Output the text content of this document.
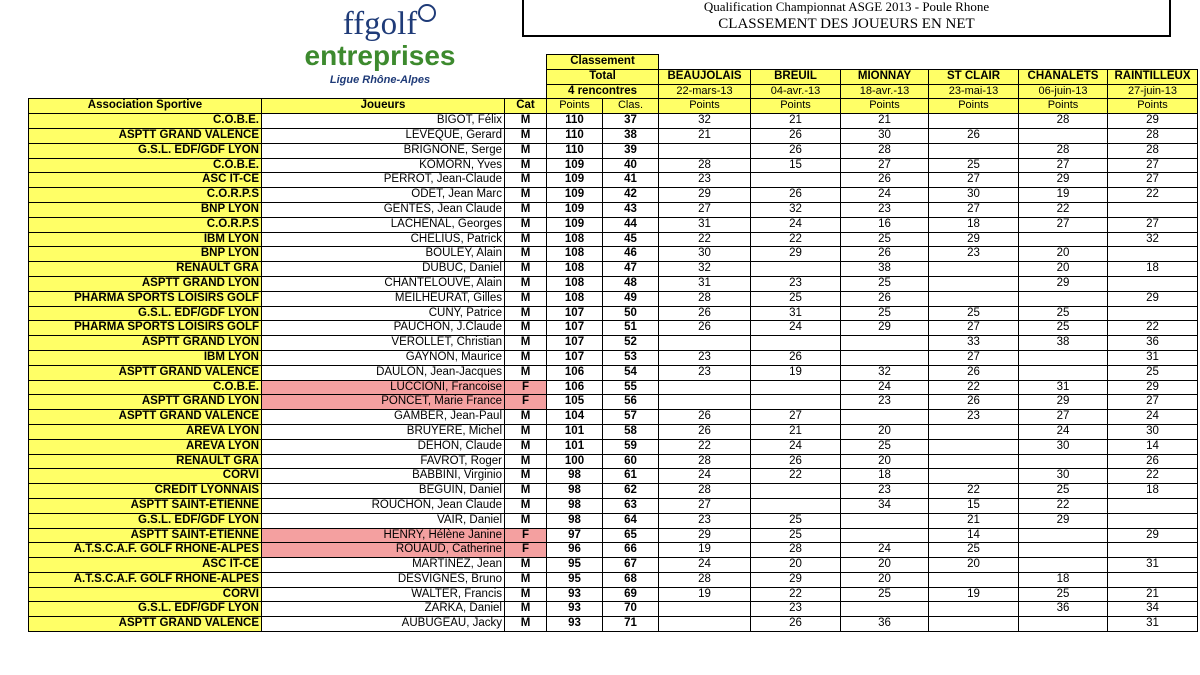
ffgolf
entreprises
Ligue Rhône-Alpes
Qualification Championnat ASGE 2013 - Poule Rhone
CLASSEMENT DES JOUEURS EN NET
			Classement							
			Total		BEAUJOLAIS	BREUIL	MIONNAY	ST CLAIR	CHANALETS	RAINTILLEUX
			4 rencontres		22-mars-13	04-avr.-13	18-avr.-13	23-mai-13	06-juin-13	27-juin-13
Association Sportive	Joueurs	Cat	Points	Clas.	Points	Points	Points	Points	Points	Points
C.O.B.E.	BIGOT, Félix	M	110	37	32	21	21		28	29
ASPTT GRAND VALENCE	LEVEQUE, Gerard	M	110	38	21	26	30	26		28
G.S.L. EDF/GDF LYON	BRIGNONE, Serge	M	110	39		26	28		28	28
C.O.B.E.	KOMORN, Yves	M	109	40	28	15	27	25	27	27
ASC IT-CE	PERROT, Jean-Claude	M	109	41	23		26	27	29	27
C.O.R.P.S	ODET, Jean Marc	M	109	42	29	26	24	30	19	22
BNP LYON	GENTES, Jean Claude	M	109	43	27	32	23	27	22	
C.O.R.P.S	LACHENAL, Georges	M	109	44	31	24	16	18	27	27
IBM LYON	CHELIUS, Patrick	M	108	45	22	22	25	29		32
BNP LYON	BOULEY, Alain	M	108	46	30	29	26	23	20	
RENAULT GRA	DUBUC, Daniel	M	108	47	32		38		20	18
ASPTT GRAND LYON	CHANTELOUVE, Alain	M	108	48	31	23	25		29	
PHARMA SPORTS LOISIRS GOLF	MEILHEURAT, Gilles	M	108	49	28	25	26			29
G.S.L. EDF/GDF LYON	CUNY, Patrice	M	107	50	26	31	25	25	25	
PHARMA SPORTS LOISIRS GOLF	PAUCHON, J.Claude	M	107	51	26	24	29	27	25	22
ASPTT GRAND LYON	VEROLLET, Christian	M	107	52				33	38	36
IBM LYON	GAYNON, Maurice	M	107	53	23	26		27		31
ASPTT GRAND VALENCE	DAULON, Jean-Jacques	M	106	54	23	19	32	26		25
C.O.B.E.	LUCCIONI, Francoise	F	106	55			24	22	31	29
ASPTT GRAND LYON	PONCET, Marie France	F	105	56			23	26	29	27
ASPTT GRAND VALENCE	GAMBER, Jean-Paul	M	104	57	26	27		23	27	24
AREVA LYON	BRUYERE, Michel	M	101	58	26	21	20		24	30
AREVA LYON	DEHON, Claude	M	101	59	22	24	25		30	14
RENAULT GRA	FAVROT, Roger	M	100	60	28	26	20			26
CORVI	BABBINI, Virginio	M	98	61	24	22	18		30	22
CREDIT LYONNAIS	BEGUIN, Daniel	M	98	62	28		23	22	25	18
ASPTT SAINT-ETIENNE	ROUCHON, Jean Claude	M	98	63	27		34	15	22	
G.S.L. EDF/GDF LYON	VAIR, Daniel	M	98	64	23	25		21	29	
ASPTT SAINT-ETIENNE	HENRY, Hélène Janine	F	97	65	29	25		14		29
A.T.S.C.A.F. GOLF RHONE-ALPES	ROUAUD, Catherine	F	96	66	19	28	24	25		
ASC IT-CE	MARTINEZ, Jean	M	95	67	24	20	20	20		31
A.T.S.C.A.F. GOLF RHONE-ALPES	DESVIGNES, Bruno	M	95	68	28	29	20		18	
CORVI	WALTER, Francis	M	93	69	19	22	25	19	25	21
G.S.L. EDF/GDF LYON	ZARKA, Daniel	M	93	70		23			36	34
ASPTT GRAND VALENCE	AUBUGEAU, Jacky	M	93	71		26	36			31
